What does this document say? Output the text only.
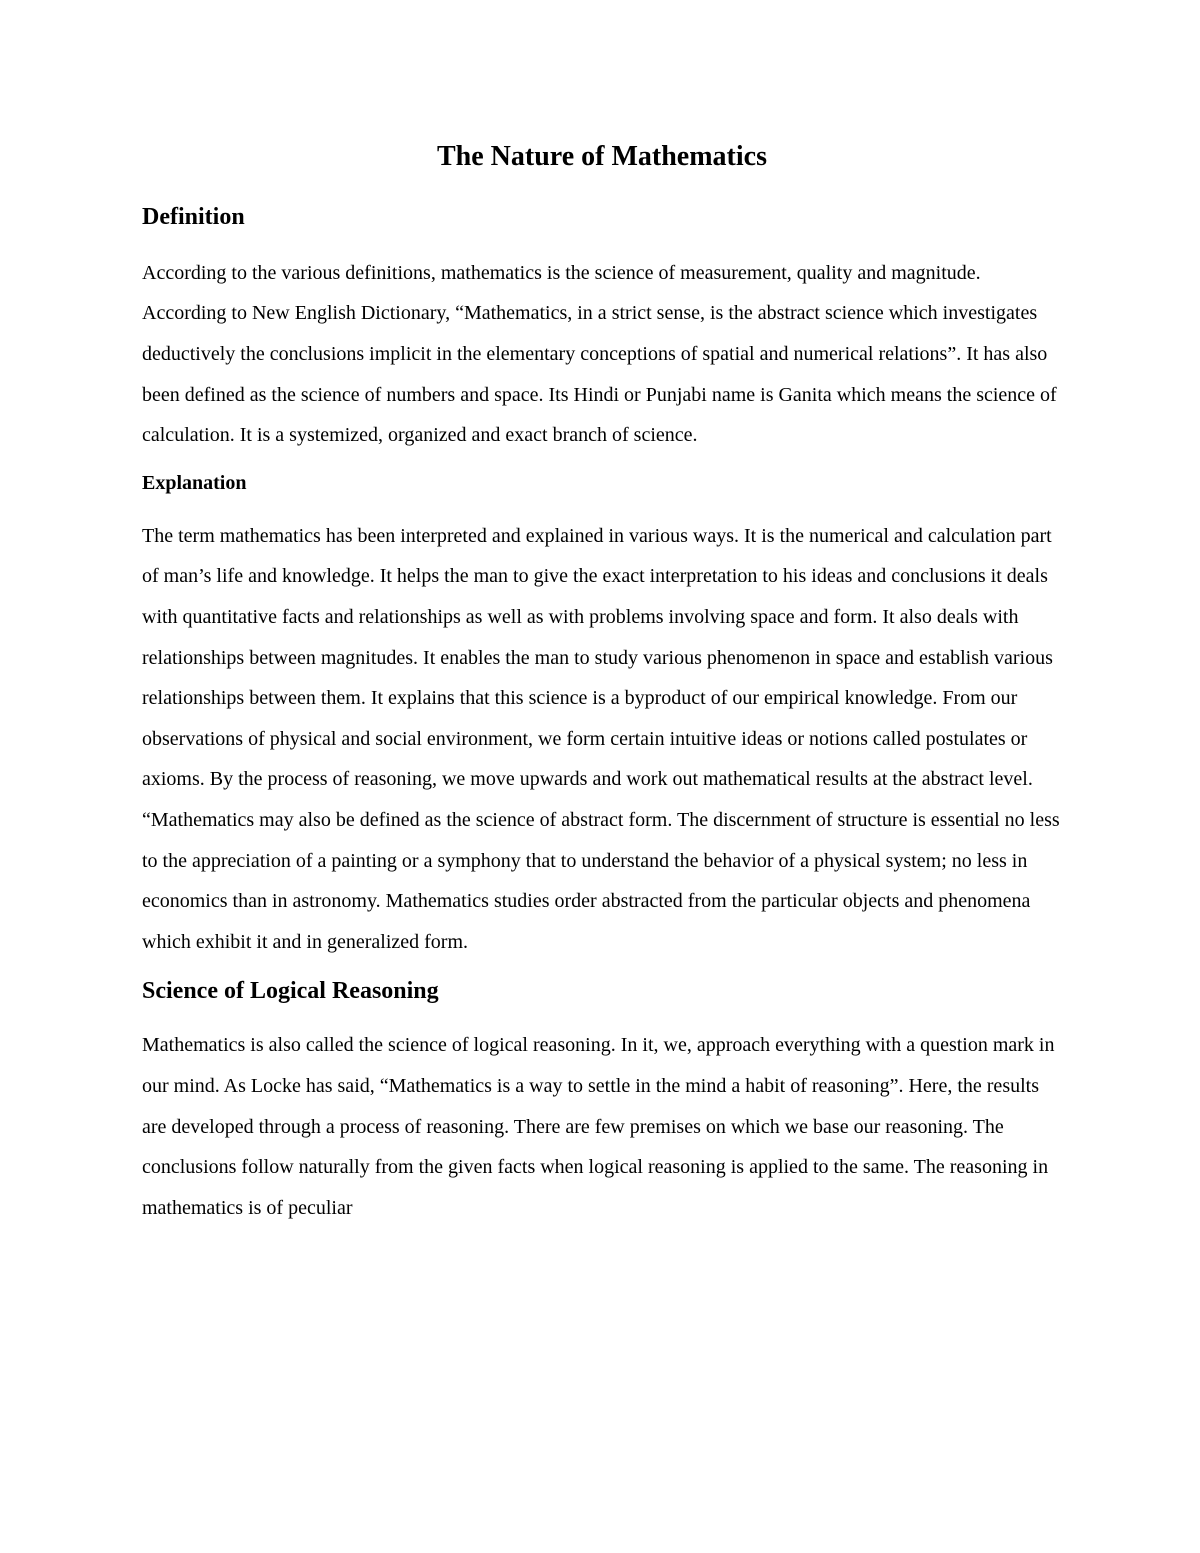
The Nature of Mathematics
Definition

According to the various definitions, mathematics is the science of measurement, quality and magnitude. According to New English Dictionary, “Mathematics, in a strict sense, is the abstract science which investigates deductively the conclusions implicit in the elementary conceptions of spatial and numerical relations”. It has also been defined as the science of numbers and space. Its Hindi or Punjabi name is Ganita which means the science of calculation. It is a systemized, organized and exact branch of science.

Explanation

The term mathematics has been interpreted and explained in various ways. It is the numerical and calculation part of man’s life and knowledge. It helps the man to give the exact interpretation to his ideas and conclusions it deals with quantitative facts and relationships as well as with problems involving space and form. It also deals with relationships between magnitudes. It enables the man to study various phenomenon in space and establish various relationships between them. It explains that this science is a byproduct of our empirical knowledge. From our observations of physical and social environment, we form certain intuitive ideas or notions called postulates or axioms. By the process of reasoning, we move upwards and work out mathematical results at the abstract level. “Mathematics may also be defined as the science of abstract form. The discernment of structure is essential no less to the appreciation of a painting or a symphony that to understand the behavior of a physical system; no less in economics than in astronomy. Mathematics studies order abstracted from the particular objects and phenomena which exhibit it and in generalized form.

Science of Logical Reasoning

Mathematics is also called the science of logical reasoning. In it, we, approach everything with a question mark in our mind. As Locke has said, “Mathematics is a way to settle in the mind a habit of reasoning”. Here, the results are developed through a process of reasoning. There are few premises on which we base our reasoning. The conclusions follow naturally from the given facts when logical reasoning is applied to the same. The reasoning in mathematics is of peculiar
